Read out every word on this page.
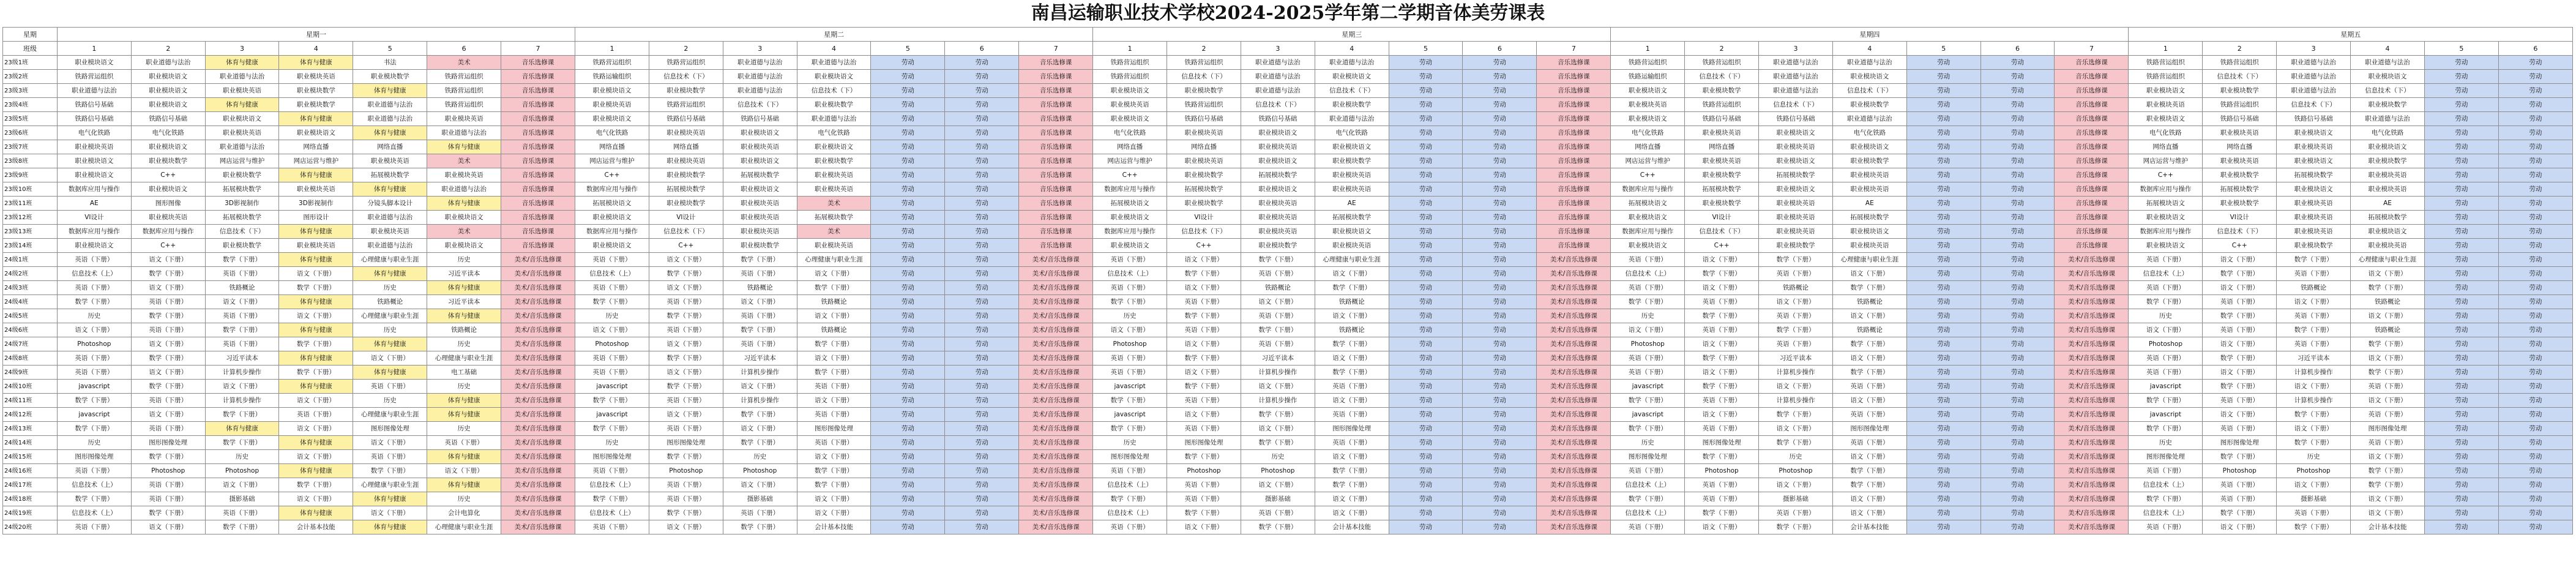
南昌运输职业技术学校2024-2025学年第二学期音体美劳课表
星期	星期一							星期二							星期三							星期四							星期五					
班级	1	2	3	4	5	6	7	1	2	3	4	5	6	7	1	2	3	4	5	6	7	1	2	3	4	5	6	7	1	2	3	4	5	6
23级1班	职业模块语文	职业道德与法治	体育与健康	体育与健康	书法	美术	音乐选修课	铁路营运组织	铁路营运组织	职业道德与法治	职业道德与法治	劳动	劳动	音乐选修课	铁路营运组织	铁路营运组织	职业道德与法治	职业道德与法治	劳动	劳动	音乐选修课	铁路营运组织	铁路营运组织	职业道德与法治	职业道德与法治	劳动	劳动	音乐选修课	铁路营运组织	铁路营运组织	职业道德与法治	职业道德与法治	劳动	劳动
23级2班	铁路营运组织	职业模块语文	职业道德与法治	职业模块英语	职业模块数学	铁路营运组织	音乐选修课	铁路运输组织	信息技术（下）	职业道德与法治	职业模块语文	劳动	劳动	音乐选修课	铁路营运组织	信息技术（下）	职业道德与法治	职业模块语文	劳动	劳动	音乐选修课	铁路运输组织	信息技术（下）	职业道德与法治	职业模块语文	劳动	劳动	音乐选修课	铁路营运组织	信息技术（下）	职业道德与法治	职业模块语文	劳动	劳动
23级3班	职业道德与法治	职业模块语文	职业模块英语	职业模块数学	体育与健康	铁路营运组织	音乐选修课	职业模块语文	职业模块数学	职业道德与法治	信息技术（下）	劳动	劳动	音乐选修课	职业模块语文	职业模块数学	职业道德与法治	信息技术（下）	劳动	劳动	音乐选修课	职业模块语文	职业模块数学	职业道德与法治	信息技术（下）	劳动	劳动	音乐选修课	职业模块语文	职业模块数学	职业道德与法治	信息技术（下）	劳动	劳动
23级4班	铁路信号基础	职业模块语文	体育与健康	职业模块数学	职业道德与法治	铁路营运组织	音乐选修课	职业模块英语	铁路营运组织	信息技术（下）	职业模块数学	劳动	劳动	音乐选修课	职业模块英语	铁路营运组织	信息技术（下）	职业模块数学	劳动	劳动	音乐选修课	职业模块英语	铁路营运组织	信息技术（下）	职业模块数学	劳动	劳动	音乐选修课	职业模块英语	铁路营运组织	信息技术（下）	职业模块数学	劳动	劳动
23级5班	铁路信号基础	铁路信号基础	职业模块语文	体育与健康	职业道德与法治	职业模块英语	音乐选修课	职业模块语文	铁路信号基础	铁路信号基础	职业道德与法治	劳动	劳动	音乐选修课	职业模块语文	铁路信号基础	铁路信号基础	职业道德与法治	劳动	劳动	音乐选修课	职业模块语文	铁路信号基础	铁路信号基础	职业道德与法治	劳动	劳动	音乐选修课	职业模块语文	铁路信号基础	铁路信号基础	职业道德与法治	劳动	劳动
23级6班	电气化铁路	电气化铁路	职业模块英语	职业模块语文	体育与健康	职业道德与法治	音乐选修课	电气化铁路	职业模块英语	职业模块语文	电气化铁路	劳动	劳动	音乐选修课	电气化铁路	职业模块英语	职业模块语文	电气化铁路	劳动	劳动	音乐选修课	电气化铁路	职业模块英语	职业模块语文	电气化铁路	劳动	劳动	音乐选修课	电气化铁路	职业模块英语	职业模块语文	电气化铁路	劳动	劳动
23级7班	职业模块英语	职业模块语文	职业道德与法治	网络直播	网络直播	体育与健康	音乐选修课	网络直播	网络直播	职业模块英语	职业模块语文	劳动	劳动	音乐选修课	网络直播	网络直播	职业模块英语	职业模块语文	劳动	劳动	音乐选修课	网络直播	网络直播	职业模块英语	职业模块语文	劳动	劳动	音乐选修课	网络直播	网络直播	职业模块英语	职业模块语文	劳动	劳动
23级8班	职业模块语文	职业模块数学	网店运营与维护	网店运营与维护	职业模块英语	美术	音乐选修课	网店运营与维护	职业模块英语	职业模块语文	职业模块数学	劳动	劳动	音乐选修课	网店运营与维护	职业模块英语	职业模块语文	职业模块数学	劳动	劳动	音乐选修课	网店运营与维护	职业模块英语	职业模块语文	职业模块数学	劳动	劳动	音乐选修课	网店运营与维护	职业模块英语	职业模块语文	职业模块数学	劳动	劳动
23级9班	职业模块语文	C++	职业模块数学	体育与健康	拓展模块数学	职业模块英语	音乐选修课	C++	职业模块数学	拓展模块数学	职业模块英语	劳动	劳动	音乐选修课	C++	职业模块数学	拓展模块数学	职业模块英语	劳动	劳动	音乐选修课	C++	职业模块数学	拓展模块数学	职业模块英语	劳动	劳动	音乐选修课	C++	职业模块数学	拓展模块数学	职业模块英语	劳动	劳动
23级10班	数据库应用与操作	职业模块语文	拓展模块数学	职业模块英语	体育与健康	职业道德与法治	音乐选修课	数据库应用与操作	拓展模块数学	职业模块语文	职业模块英语	劳动	劳动	音乐选修课	数据库应用与操作	拓展模块数学	职业模块语文	职业模块英语	劳动	劳动	音乐选修课	数据库应用与操作	拓展模块数学	职业模块语文	职业模块英语	劳动	劳动	音乐选修课	数据库应用与操作	拓展模块数学	职业模块语文	职业模块英语	劳动	劳动
23级11班	AE	图形图像	3D影视制作	3D影视制作	分镜头脚本设计	体育与健康	音乐选修课	拓展模块语文	职业模块数学	职业模块英语	美术	劳动	劳动	音乐选修课	拓展模块语文	职业模块数学	职业模块英语	AE	劳动	劳动	音乐选修课	拓展模块语文	职业模块数学	职业模块英语	AE	劳动	劳动	音乐选修课	拓展模块语文	职业模块数学	职业模块英语	AE	劳动	劳动
23级12班	VI设计	职业模块英语	拓展模块数学	图形设计	职业道德与法治	职业模块语文	音乐选修课	职业模块语文	VI设计	职业模块英语	拓展模块数学	劳动	劳动	音乐选修课	职业模块语文	VI设计	职业模块英语	拓展模块数学	劳动	劳动	音乐选修课	职业模块语文	VI设计	职业模块英语	拓展模块数学	劳动	劳动	音乐选修课	职业模块语文	VI设计	职业模块英语	拓展模块数学	劳动	劳动
23级13班	数据库应用与操作	数据库应用与操作	信息技术（下）	体育与健康	职业模块英语	美术	音乐选修课	数据库应用与操作	信息技术（下）	职业模块英语	美术	劳动	劳动	音乐选修课	数据库应用与操作	信息技术（下）	职业模块英语	职业模块语文	劳动	劳动	音乐选修课	数据库应用与操作	信息技术（下）	职业模块英语	职业模块语文	劳动	劳动	音乐选修课	数据库应用与操作	信息技术（下）	职业模块英语	职业模块语文	劳动	劳动
23级14班	职业模块语文	C++	职业模块数学	职业模块英语	职业道德与法治	职业模块语文	音乐选修课	职业模块语文	C++	职业模块数学	职业模块英语	劳动	劳动	音乐选修课	职业模块语文	C++	职业模块数学	职业模块英语	劳动	劳动	音乐选修课	职业模块语文	C++	职业模块数学	职业模块英语	劳动	劳动	音乐选修课	职业模块语文	C++	职业模块数学	职业模块英语	劳动	劳动
24级1班	英语（下册）	语文（下册）	数学（下册）	体育与健康	心理健康与职业生涯	历史	美术/音乐选修课	英语（下册）	语文（下册）	数学（下册）	心理健康与职业生涯	劳动	劳动	美术/音乐选修课	英语（下册）	语文（下册）	数学（下册）	心理健康与职业生涯	劳动	劳动	美术/音乐选修课	英语（下册）	语文（下册）	数学（下册）	心理健康与职业生涯	劳动	劳动	美术/音乐选修课	英语（下册）	语文（下册）	数学（下册）	心理健康与职业生涯	劳动	劳动
24级2班	信息技术（上）	数学（下册）	英语（下册）	语文（下册）	体育与健康	习近平读本	美术/音乐选修课	信息技术（上）	数学（下册）	英语（下册）	语文（下册）	劳动	劳动	美术/音乐选修课	信息技术（上）	数学（下册）	英语（下册）	语文（下册）	劳动	劳动	美术/音乐选修课	信息技术（上）	数学（下册）	英语（下册）	语文（下册）	劳动	劳动	美术/音乐选修课	信息技术（上）	数学（下册）	英语（下册）	语文（下册）	劳动	劳动
24级3班	英语（下册）	语文（下册）	铁路概论	数学（下册）	历史	体育与健康	美术/音乐选修课	英语（下册）	语文（下册）	铁路概论	数学（下册）	劳动	劳动	美术/音乐选修课	英语（下册）	语文（下册）	铁路概论	数学（下册）	劳动	劳动	美术/音乐选修课	英语（下册）	语文（下册）	铁路概论	数学（下册）	劳动	劳动	美术/音乐选修课	英语（下册）	语文（下册）	铁路概论	数学（下册）	劳动	劳动
24级4班	数学（下册）	英语（下册）	语文（下册）	体育与健康	铁路概论	习近平读本	美术/音乐选修课	数学（下册）	英语（下册）	语文（下册）	铁路概论	劳动	劳动	美术/音乐选修课	数学（下册）	英语（下册）	语文（下册）	铁路概论	劳动	劳动	美术/音乐选修课	数学（下册）	英语（下册）	语文（下册）	铁路概论	劳动	劳动	美术/音乐选修课	数学（下册）	英语（下册）	语文（下册）	铁路概论	劳动	劳动
24级5班	历史	数学（下册）	英语（下册）	语文（下册）	心理健康与职业生涯	体育与健康	美术/音乐选修课	历史	数学（下册）	英语（下册）	语文（下册）	劳动	劳动	美术/音乐选修课	历史	数学（下册）	英语（下册）	语文（下册）	劳动	劳动	美术/音乐选修课	历史	数学（下册）	英语（下册）	语文（下册）	劳动	劳动	美术/音乐选修课	历史	数学（下册）	英语（下册）	语文（下册）	劳动	劳动
24级6班	语文（下册）	英语（下册）	数学（下册）	体育与健康	历史	铁路概论	美术/音乐选修课	语文（下册）	英语（下册）	数学（下册）	铁路概论	劳动	劳动	美术/音乐选修课	语文（下册）	英语（下册）	数学（下册）	铁路概论	劳动	劳动	美术/音乐选修课	语文（下册）	英语（下册）	数学（下册）	铁路概论	劳动	劳动	美术/音乐选修课	语文（下册）	英语（下册）	数学（下册）	铁路概论	劳动	劳动
24级7班	Photoshop	语文（下册）	英语（下册）	数学（下册）	体育与健康	历史	美术/音乐选修课	Photoshop	语文（下册）	英语（下册）	数学（下册）	劳动	劳动	美术/音乐选修课	Photoshop	语文（下册）	英语（下册）	数学（下册）	劳动	劳动	美术/音乐选修课	Photoshop	语文（下册）	英语（下册）	数学（下册）	劳动	劳动	美术/音乐选修课	Photoshop	语文（下册）	英语（下册）	数学（下册）	劳动	劳动
24级8班	英语（下册）	数学（下册）	习近平读本	体育与健康	语文（下册）	心理健康与职业生涯	美术/音乐选修课	英语（下册）	数学（下册）	习近平读本	语文（下册）	劳动	劳动	美术/音乐选修课	英语（下册）	数学（下册）	习近平读本	语文（下册）	劳动	劳动	美术/音乐选修课	英语（下册）	数学（下册）	习近平读本	语文（下册）	劳动	劳动	美术/音乐选修课	英语（下册）	数学（下册）	习近平读本	语文（下册）	劳动	劳动
24级9班	英语（下册）	语文（下册）	计算机步操作	数学（下册）	体育与健康	电工基础	美术/音乐选修课	英语（下册）	语文（下册）	计算机步操作	数学（下册）	劳动	劳动	美术/音乐选修课	英语（下册）	语文（下册）	计算机步操作	数学（下册）	劳动	劳动	美术/音乐选修课	英语（下册）	语文（下册）	计算机步操作	数学（下册）	劳动	劳动	美术/音乐选修课	英语（下册）	语文（下册）	计算机步操作	数学（下册）	劳动	劳动
24级10班	javascript	数学（下册）	语文（下册）	体育与健康	英语（下册）	历史	美术/音乐选修课	javascript	数学（下册）	语文（下册）	英语（下册）	劳动	劳动	美术/音乐选修课	javascript	数学（下册）	语文（下册）	英语（下册）	劳动	劳动	美术/音乐选修课	javascript	数学（下册）	语文（下册）	英语（下册）	劳动	劳动	美术/音乐选修课	javascript	数学（下册）	语文（下册）	英语（下册）	劳动	劳动
24级11班	数学（下册）	英语（下册）	计算机步操作	语文（下册）	历史	体育与健康	美术/音乐选修课	数学（下册）	英语（下册）	计算机步操作	语文（下册）	劳动	劳动	美术/音乐选修课	数学（下册）	英语（下册）	计算机步操作	语文（下册）	劳动	劳动	美术/音乐选修课	数学（下册）	英语（下册）	计算机步操作	语文（下册）	劳动	劳动	美术/音乐选修课	数学（下册）	英语（下册）	计算机步操作	语文（下册）	劳动	劳动
24级12班	javascript	语文（下册）	数学（下册）	英语（下册）	心理健康与职业生涯	体育与健康	美术/音乐选修课	javascript	语文（下册）	数学（下册）	英语（下册）	劳动	劳动	美术/音乐选修课	javascript	语文（下册）	数学（下册）	英语（下册）	劳动	劳动	美术/音乐选修课	javascript	语文（下册）	数学（下册）	英语（下册）	劳动	劳动	美术/音乐选修课	javascript	语文（下册）	数学（下册）	英语（下册）	劳动	劳动
24级13班	数学（下册）	英语（下册）	体育与健康	语文（下册）	图形图像处理	历史	美术/音乐选修课	数学（下册）	英语（下册）	语文（下册）	图形图像处理	劳动	劳动	美术/音乐选修课	数学（下册）	英语（下册）	语文（下册）	图形图像处理	劳动	劳动	美术/音乐选修课	数学（下册）	英语（下册）	语文（下册）	图形图像处理	劳动	劳动	美术/音乐选修课	数学（下册）	英语（下册）	语文（下册）	图形图像处理	劳动	劳动
24级14班	历史	图形图像处理	数学（下册）	体育与健康	语文（下册）	英语（下册）	美术/音乐选修课	历史	图形图像处理	数学（下册）	英语（下册）	劳动	劳动	美术/音乐选修课	历史	图形图像处理	数学（下册）	英语（下册）	劳动	劳动	美术/音乐选修课	历史	图形图像处理	数学（下册）	英语（下册）	劳动	劳动	美术/音乐选修课	历史	图形图像处理	数学（下册）	英语（下册）	劳动	劳动
24级15班	图形图像处理	数学（下册）	历史	语文（下册）	英语（下册）	体育与健康	美术/音乐选修课	图形图像处理	数学（下册）	历史	语文（下册）	劳动	劳动	美术/音乐选修课	图形图像处理	数学（下册）	历史	语文（下册）	劳动	劳动	美术/音乐选修课	图形图像处理	数学（下册）	历史	语文（下册）	劳动	劳动	美术/音乐选修课	图形图像处理	数学（下册）	历史	语文（下册）	劳动	劳动
24级16班	英语（下册）	Photoshop	Photoshop	体育与健康	数学（下册）	语文（下册）	美术/音乐选修课	英语（下册）	Photoshop	Photoshop	数学（下册）	劳动	劳动	美术/音乐选修课	英语（下册）	Photoshop	Photoshop	数学（下册）	劳动	劳动	美术/音乐选修课	英语（下册）	Photoshop	Photoshop	数学（下册）	劳动	劳动	美术/音乐选修课	英语（下册）	Photoshop	Photoshop	数学（下册）	劳动	劳动
24级17班	信息技术（上）	英语（下册）	语文（下册）	数学（下册）	心理健康与职业生涯	体育与健康	美术/音乐选修课	信息技术（上）	英语（下册）	语文（下册）	数学（下册）	劳动	劳动	美术/音乐选修课	信息技术（上）	英语（下册）	语文（下册）	数学（下册）	劳动	劳动	美术/音乐选修课	信息技术（上）	英语（下册）	语文（下册）	数学（下册）	劳动	劳动	美术/音乐选修课	信息技术（上）	英语（下册）	语文（下册）	数学（下册）	劳动	劳动
24级18班	数学（下册）	英语（下册）	摄影基础	语文（下册）	体育与健康	历史	美术/音乐选修课	数学（下册）	英语（下册）	摄影基础	语文（下册）	劳动	劳动	美术/音乐选修课	数学（下册）	英语（下册）	摄影基础	语文（下册）	劳动	劳动	美术/音乐选修课	数学（下册）	英语（下册）	摄影基础	语文（下册）	劳动	劳动	美术/音乐选修课	数学（下册）	英语（下册）	摄影基础	语文（下册）	劳动	劳动
24级19班	信息技术（上）	数学（下册）	英语（下册）	体育与健康	语文（下册）	会计电算化	美术/音乐选修课	信息技术（上）	数学（下册）	英语（下册）	语文（下册）	劳动	劳动	美术/音乐选修课	信息技术（上）	数学（下册）	英语（下册）	语文（下册）	劳动	劳动	美术/音乐选修课	信息技术（上）	数学（下册）	英语（下册）	语文（下册）	劳动	劳动	美术/音乐选修课	信息技术（上）	数学（下册）	英语（下册）	语文（下册）	劳动	劳动
24级20班	英语（下册）	语文（下册）	数学（下册）	会计基本技能	体育与健康	心理健康与职业生涯	美术/音乐选修课	英语（下册）	语文（下册）	数学（下册）	会计基本技能	劳动	劳动	美术/音乐选修课	英语（下册）	语文（下册）	数学（下册）	会计基本技能	劳动	劳动	美术/音乐选修课	英语（下册）	语文（下册）	数学（下册）	会计基本技能	劳动	劳动	美术/音乐选修课	英语（下册）	语文（下册）	数学（下册）	会计基本技能	劳动	劳动
